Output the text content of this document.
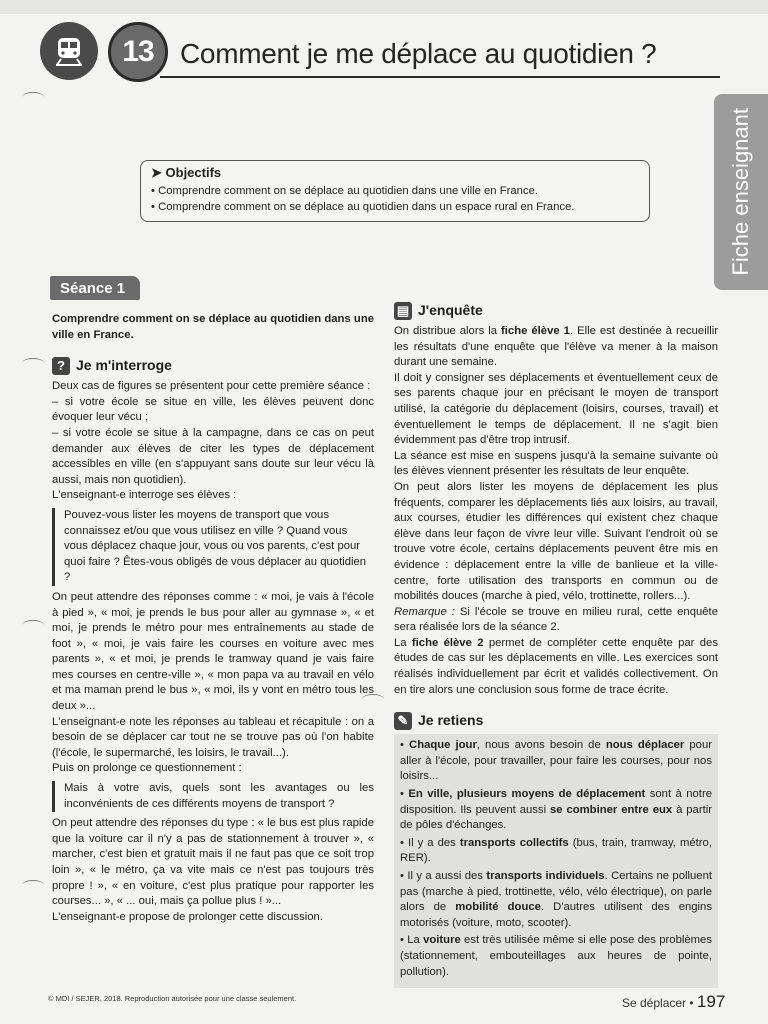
13 Comment je me déplace au quotidien ?
Fiche enseignant
➤ Objectifs
• Comprendre comment on se déplace au quotidien dans une ville en France.
• Comprendre comment on se déplace au quotidien dans un espace rural en France.
Séance 1

Comprendre comment on se déplace au quotidien dans une ville en France.

? Je m'interroge

Deux cas de figures se présentent pour cette première séance :

– si votre école se situe en ville, les élèves peuvent donc évoquer leur vécu ;

– si votre école se situe à la campagne, dans ce cas on peut demander aux élèves de citer les types de déplacement accessibles en ville (en s'appuyant sans doute sur leur vécu là aussi, mais non quotidien).

L'enseignant-e interroge ses élèves :

Pouvez-vous lister les moyens de transport que vous connaissez et/ou que vous utilisez en ville ? Quand vous vous déplacez chaque jour, vous ou vos parents, c'est pour quoi faire ? Êtes-vous obligés de vous déplacer au quotidien ?

On peut attendre des réponses comme : « moi, je vais à l'école à pied », « moi, je prends le bus pour aller au gymnase », « et moi, je prends le métro pour mes entraînements au stade de foot », « moi, je vais faire les courses en voiture avec mes parents », « et moi, je prends le tramway quand je vais faire mes courses en centre-ville », « mon papa va au travail en vélo et ma maman prend le bus », « moi, ils y vont en métro tous les deux »...

L'enseignant-e note les réponses au tableau et récapitule : on a besoin de se déplacer car tout ne se trouve pas où l'on habite (l'école, le supermarché, les loisirs, le travail...).

Puis on prolonge ce questionnement :

Mais à votre avis, quels sont les avantages ou les inconvénients de ces différents moyens de transport ?

On peut attendre des réponses du type : « le bus est plus rapide que la voiture car il n'y a pas de stationnement à trouver », « marcher, c'est bien et gratuit mais il ne faut pas que ce soit trop loin », « le métro, ça va vite mais ce n'est pas toujours très propre ! », « en voiture, c'est plus pratique pour rapporter les courses... », « ... oui, mais ça pollue plus ! »...

L'enseignant-e propose de prolonger cette discussion.

▤ J'enquête

On distribue alors la fiche élève 1. Elle est destinée à recueillir les résultats d'une enquête que l'élève va mener à la maison durant une semaine.

Il doit y consigner ses déplacements et éventuellement ceux de ses parents chaque jour en précisant le moyen de transport utilisé, la catégorie du déplacement (loisirs, courses, travail) et éventuellement le temps de déplacement. Il ne s'agit bien évidemment pas d'être trop intrusif.

La séance est mise en suspens jusqu'à la semaine suivante où les élèves viennent présenter les résultats de leur enquête.

On peut alors lister les moyens de déplacement les plus fréquents, comparer les déplacements liés aux loisirs, au travail, aux courses, étudier les différences qui existent chez chaque élève dans leur façon de vivre leur ville. Suivant l'endroit où se trouve votre école, certains déplacements peuvent être mis en évidence : déplacement entre la ville de banlieue et la ville-centre, forte utilisation des transports en commun ou de mobilités douces (marche à pied, vélo, trottinette, rollers...).

Remarque : Si l'école se trouve en milieu rural, cette enquête sera réalisée lors de la séance 2.

La fiche élève 2 permet de compléter cette enquête par des études de cas sur les déplacements en ville. Les exercices sont réalisés individuellement par écrit et validés collectivement. On en tire alors une conclusion sous forme de trace écrite.

✎ Je retiens

• Chaque jour, nous avons besoin de nous déplacer pour aller à l'école, pour travailler, pour faire les courses, pour nos loisirs...

• En ville, plusieurs moyens de déplacement sont à notre disposition. Ils peuvent aussi se combiner entre eux à partir de pôles d'échanges.

• Il y a des transports collectifs (bus, train, tramway, métro, RER).

• Il y a aussi des transports individuels. Certains ne polluent pas (marche à pied, trottinette, vélo, vélo électrique), on parle alors de mobilité douce. D'autres utilisent des engins motorisés (voiture, moto, scooter).

• La voiture est très utilisée même si elle pose des problèmes (stationnement, embouteillages aux heures de pointe, pollution).

© MDI / SEJER, 2018. Reproduction autorisée pour une classe seulement.	Se déplacer • 197
